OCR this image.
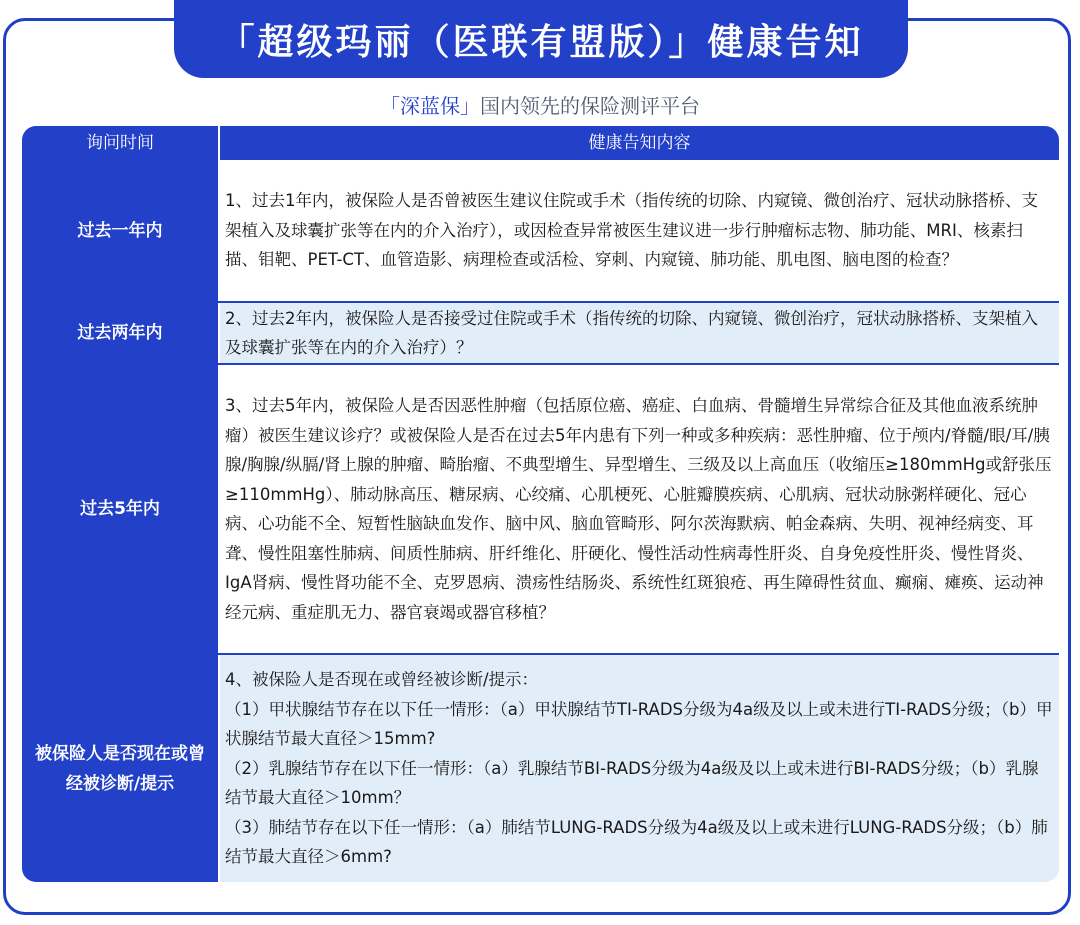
「超级玛丽（医联有盟版）」健康告知
「深蓝保」国内领先的保险测评平台
询问时间	健康告知内容
过去一年内

1、过去1年内，被保险人是否曾被医生建议住院或手术（指传统的切除、内窥镜、微创治疗、冠状动脉搭桥、支架植入及球囊扩张等在内的介入治疗），或因检查异常被医生建议进一步行肿瘤标志物、肺功能、MRI、核素扫描、钼靶、PET-CT、血管造影、病理检查或活检、穿刺、内窥镜、肺功能、肌电图、脑电图的检查？

过去两年内

2、过去2年内，被保险人是否接受过住院或手术（指传统的切除、内窥镜、微创治疗，冠状动脉搭桥、支架植入及球囊扩张等在内的介入治疗）？

过去5年内

3、过去5年内，被保险人是否因恶性肿瘤（包括原位癌、癌症、白血病、骨髓增生异常综合征及其他血液系统肿瘤）被医生建议诊疗？或被保险人是否在过去5年内患有下列一种或多种疾病：恶性肿瘤、位于颅内/脊髓/眼/耳/胰腺/胸腺/纵膈/肾上腺的肿瘤、畸胎瘤、不典型增生、异型增生、三级及以上高血压（收缩压≥180mmHg或舒张压≥110mmHg）、肺动脉高压、糖尿病、心绞痛、心肌梗死、心脏瓣膜疾病、心肌病、冠状动脉粥样硬化、冠心病、心功能不全、短暂性脑缺血发作、脑中风、脑血管畸形、阿尔茨海默病、帕金森病、失明、视神经病变、耳聋、慢性阻塞性肺病、间质性肺病、肝纤维化、肝硬化、慢性活动性病毒性肝炎、自身免疫性肝炎、慢性肾炎、IgA肾病、慢性肾功能不全、克罗恩病、溃疡性结肠炎、系统性红斑狼疮、再生障碍性贫血、癫痫、瘫痪、运动神经元病、重症肌无力、器官衰竭或器官移植？

被保险人是否现在或曾经被诊断/提示

4、被保险人是否现在或曾经被诊断/提示：

（1）甲状腺结节存在以下任一情形：（a）甲状腺结节TI-RADS分级为4a级及以上或未进行TI-RADS分级；（b）甲状腺结节最大直径＞15mm?

（2）乳腺结节存在以下任一情形：（a）乳腺结节BI-RADS分级为4a级及以上或未进行BI-RADS分级；（b）乳腺结节最大直径＞10mm？

（3）肺结节存在以下任一情形：（a）肺结节LUNG-RADS分级为4a级及以上或未进行LUNG-RADS分级；（b）肺结节最大直径＞6mm?
